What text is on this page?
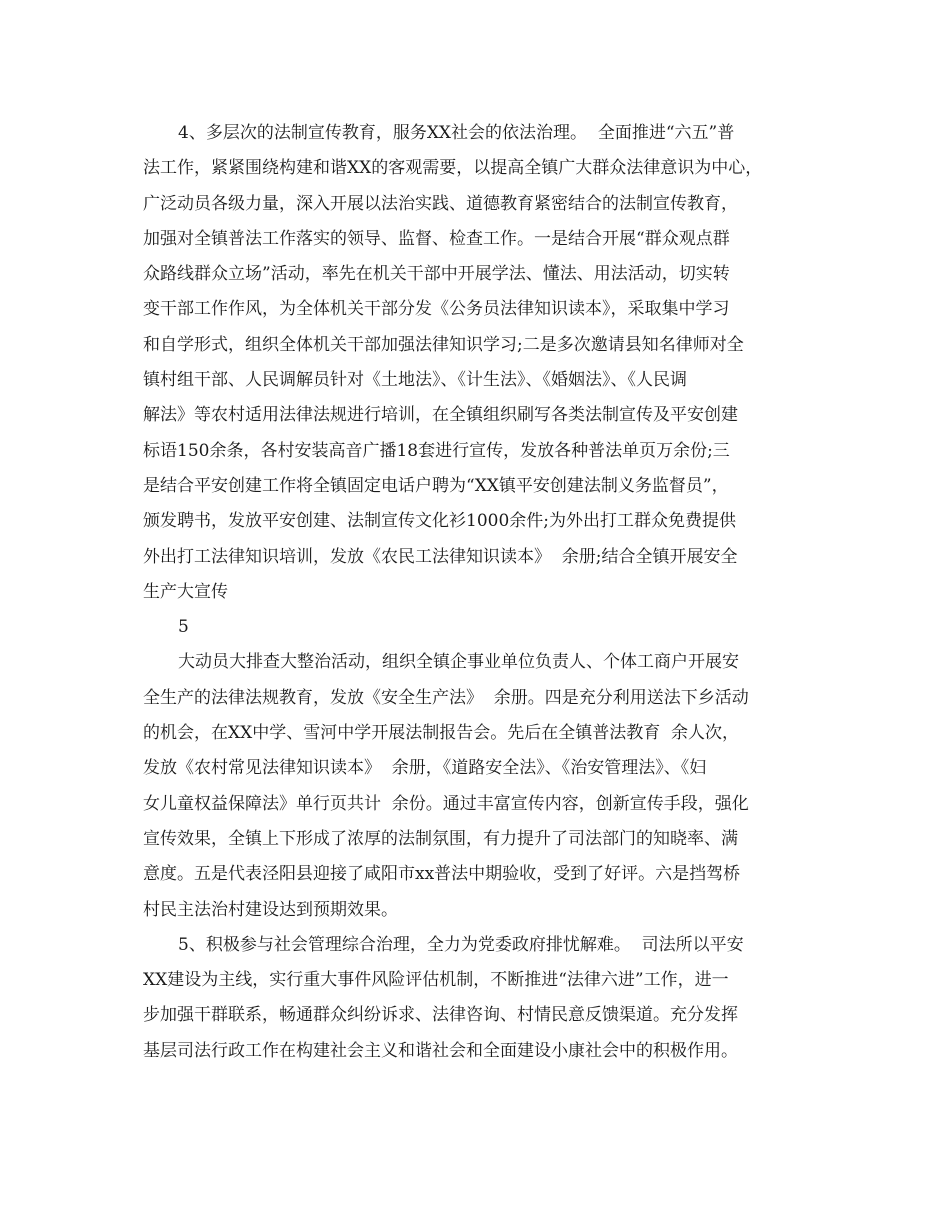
4、多层次的法制宣传教育，服务XX社会的依法治理。  全面推进“六五”普
法工作，紧紧围绕构建和谐XX的客观需要，以提高全镇广大群众法律意识为中心，
广泛动员各级力量，深入开展以法治实践、道德教育紧密结合的法制宣传教育，
加强对全镇普法工作落实的领导、监督、检查工作。一是结合开展“群众观点群
众路线群众立场”活动，率先在机关干部中开展学法、懂法、用法活动，切实转
变干部工作作风，为全体机关干部分发《公务员法律知识读本》，采取集中学习
和自学形式，组织全体机关干部加强法律知识学习;二是多次邀请县知名律师对全
镇村组干部、人民调解员针对《土地法》、《计生法》、《婚姻法》、《人民调
解法》等农村适用法律法规进行培训，在全镇组织刷写各类法制宣传及平安创建
标语150余条，各村安装高音广播18套进行宣传，发放各种普法单页万余份;三
是结合平安创建工作将全镇固定电话户聘为“XX镇平安创建法制义务监督员”，
颁发聘书，发放平安创建、法制宣传文化衫1000余件;为外出打工群众免费提供
外出打工法律知识培训，发放《农民工法律知识读本》  余册;结合全镇开展安全
生产大宣传
5
大动员大排查大整治活动，组织全镇企事业单位负责人、个体工商户开展安
全生产的法律法规教育，发放《安全生产法》  余册。四是充分利用送法下乡活动
的机会，在XX中学、雪河中学开展法制报告会。先后在全镇普法教育  余人次，
发放《农村常见法律知识读本》  余册，《道路安全法》、《治安管理法》、《妇
女儿童权益保障法》单行页共计  余份。通过丰富宣传内容，创新宣传手段，强化
宣传效果，全镇上下形成了浓厚的法制氛围，有力提升了司法部门的知晓率、满
意度。五是代表泾阳县迎接了咸阳市xx普法中期验收，受到了好评。六是挡驾桥
村民主法治村建设达到预期效果。
5、积极参与社会管理综合治理，全力为党委政府排忧解难。  司法所以平安
XX建设为主线，实行重大事件风险评估机制，不断推进“法律六进”工作，进一
步加强干群联系，畅通群众纠纷诉求、法律咨询、村情民意反馈渠道。充分发挥
基层司法行政工作在构建社会主义和谐社会和全面建设小康社会中的积极作用。
